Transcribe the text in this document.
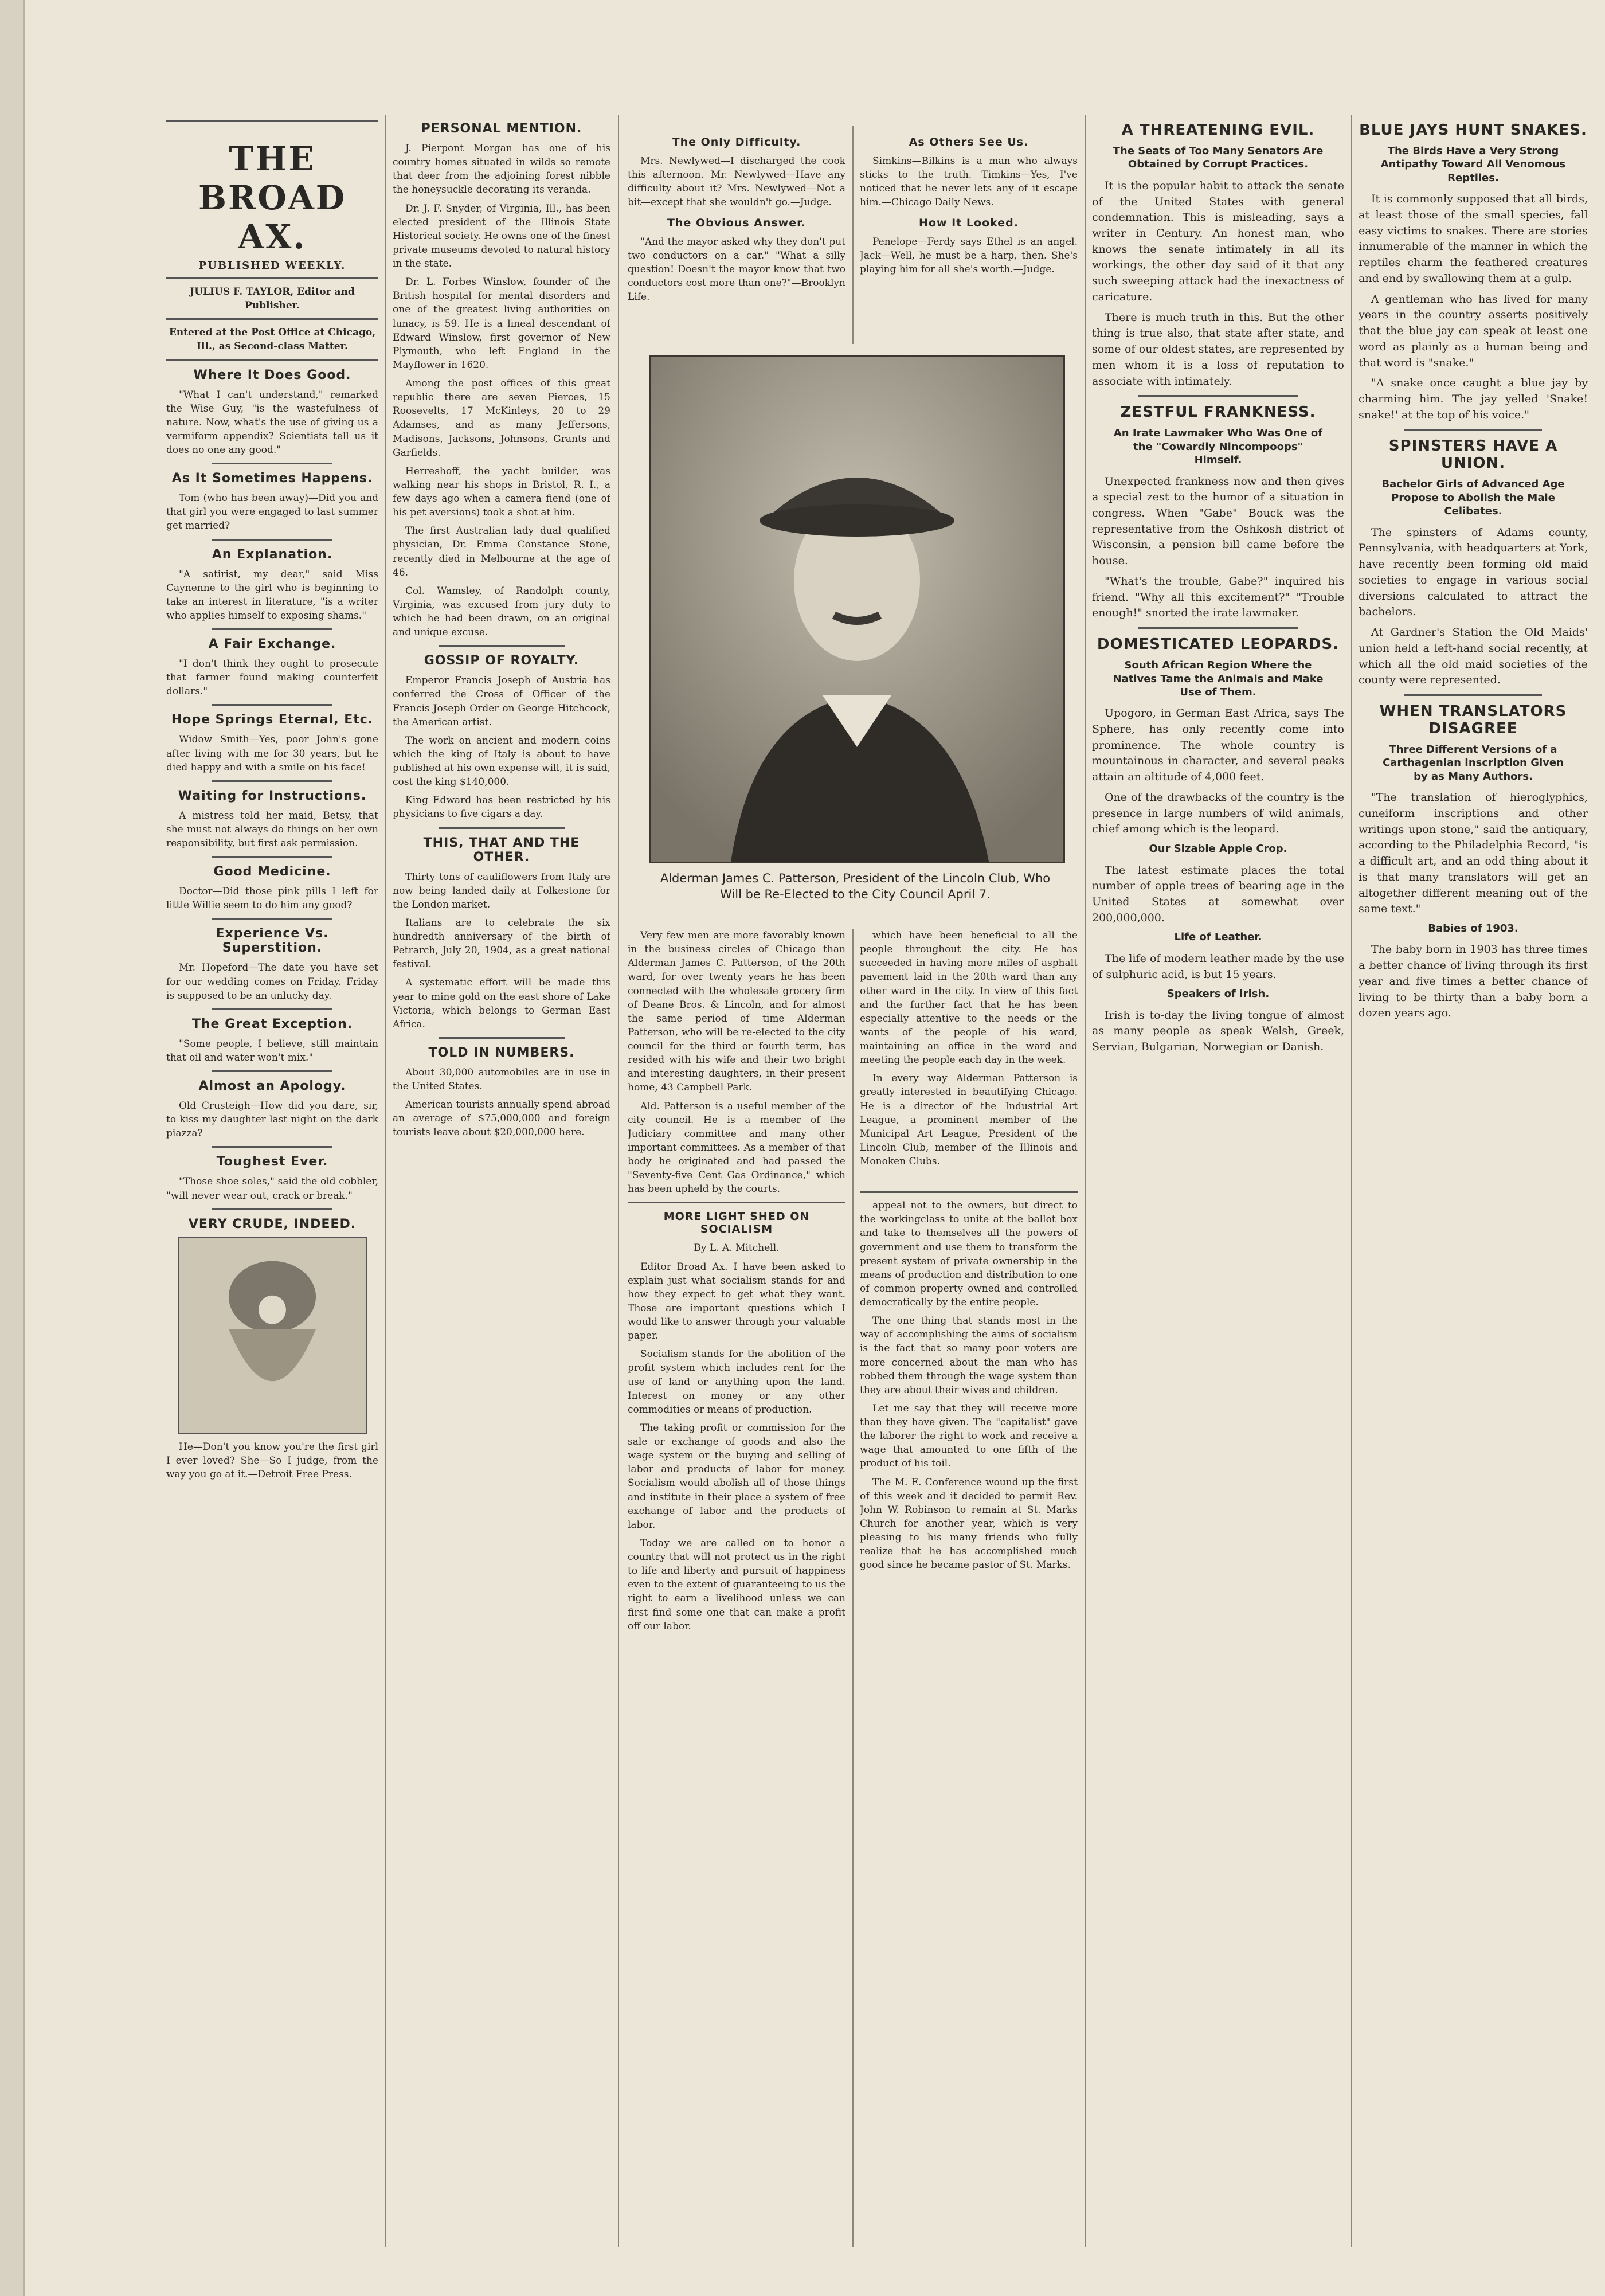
THE BROAD AX.
PUBLISHED WEEKLY.

JULIUS F. TAYLOR, Editor and Publisher.

Entered at the Post Office at Chicago, Ill., as Second-class Matter.

Where It Does Good.

"What I can't understand," remarked the Wise Guy, "is the wastefulness of nature. Now, what's the use of giving us a vermiform appendix? Scientists tell us it does no one any good."

As It Sometimes Happens.

Tom (who has been away)—Did you and that girl you were engaged to last summer get married?

An Explanation.

"A satirist, my dear," said Miss Caynenne to the girl who is beginning to take an interest in literature, "is a writer who applies himself to exposing shams."

A Fair Exchange.

"I don't think they ought to prosecute that farmer found making counterfeit dollars."

Hope Springs Eternal, Etc.

Widow Smith—Yes, poor John's gone after living with me for 30 years, but he died happy and with a smile on his face!

Waiting for Instructions.

A mistress told her maid, Betsy, that she must not always do things on her own responsibility, but first ask permission.

Good Medicine.

Doctor—Did those pink pills I left for little Willie seem to do him any good?

Experience Vs. Superstition.

Mr. Hopeford—The date you have set for our wedding comes on Friday. Friday is supposed to be an unlucky day.

The Great Exception.

"Some people, I believe, still maintain that oil and water won't mix."

Almost an Apology.

Old Crusteigh—How did you dare, sir, to kiss my daughter last night on the dark piazza?

Toughest Ever.

"Those shoe soles," said the old cobbler, "will never wear out, crack or break."

VERY CRUDE, INDEED.

He—Don't you know you're the first girl I ever loved? She—So I judge, from the way you go at it.—Detroit Free Press.

PERSONAL MENTION.

J. Pierpont Morgan has one of his country homes situated in wilds so remote that deer from the adjoining forest nibble the honeysuckle decorating its veranda.

Dr. J. F. Snyder, of Virginia, Ill., has been elected president of the Illinois State Historical society. He owns one of the finest private museums devoted to natural history in the state.

Dr. L. Forbes Winslow, founder of the British hospital for mental disorders and one of the greatest living authorities on lunacy, is 59. He is a lineal descendant of Edward Winslow, first governor of New Plymouth, who left England in the Mayflower in 1620.

Among the post offices of this great republic there are seven Pierces, 15 Roosevelts, 17 McKinleys, 20 to 29 Adamses, and as many Jeffersons, Madisons, Jacksons, Johnsons, Grants and Garfields.

Herreshoff, the yacht builder, was walking near his shops in Bristol, R. I., a few days ago when a camera fiend (one of his pet aversions) took a shot at him.

The first Australian lady dual qualified physician, Dr. Emma Constance Stone, recently died in Melbourne at the age of 46.

Col. Wamsley, of Randolph county, Virginia, was excused from jury duty to which he had been drawn, on an original and unique excuse.

GOSSIP OF ROYALTY.

Emperor Francis Joseph of Austria has conferred the Cross of Officer of the Francis Joseph Order on George Hitchcock, the American artist.

The work on ancient and modern coins which the king of Italy is about to have published at his own expense will, it is said, cost the king $140,000.

King Edward has been restricted by his physicians to five cigars a day.

THIS, THAT AND THE OTHER.

Thirty tons of cauliflowers from Italy are now being landed daily at Folkestone for the London market.

Italians are to celebrate the six hundredth anniversary of the birth of Petrarch, July 20, 1904, as a great national festival.

A systematic effort will be made this year to mine gold on the east shore of Lake Victoria, which belongs to German East Africa.

TOLD IN NUMBERS.

About 30,000 automobiles are in use in the United States.

American tourists annually spend abroad an average of $75,000,000 and foreign tourists leave about $20,000,000 here.

The Only Difficulty.

Mrs. Newlywed—I discharged the cook this afternoon. Mr. Newlywed—Have any difficulty about it? Mrs. Newlywed—Not a bit—except that she wouldn't go.—Judge.

The Obvious Answer.

"And the mayor asked why they don't put two conductors on a car." "What a silly question! Doesn't the mayor know that two conductors cost more than one?"—Brooklyn Life.

As Others See Us.

Simkins—Bilkins is a man who always sticks to the truth. Timkins—Yes, I've noticed that he never lets any of it escape him.—Chicago Daily News.

How It Looked.

Penelope—Ferdy says Ethel is an angel. Jack—Well, he must be a harp, then. She's playing him for all she's worth.—Judge.

Alderman James C. Patterson, President of the Lincoln Club, Who Will be Re-Elected to the City Council April 7.

Very few men are more favorably known in the business circles of Chicago than Alderman James C. Patterson, of the 20th ward, for over twenty years he has been connected with the wholesale grocery firm of Deane Bros. & Lincoln, and for almost the same period of time Alderman Patterson, who will be re-elected to the city council for the third or fourth term, has resided with his wife and their two bright and interesting daughters, in their present home, 43 Campbell Park.

Ald. Patterson is a useful member of the city council. He is a member of the Judiciary committee and many other important committees. As a member of that body he originated and had passed the "Seventy-five Cent Gas Ordinance," which has been upheld by the courts.

MORE LIGHT SHED ON SOCIALISM

By L. A. Mitchell.

Editor Broad Ax. I have been asked to explain just what socialism stands for and how they expect to get what they want. Those are important questions which I would like to answer through your valuable paper.

Socialism stands for the abolition of the profit system which includes rent for the use of land or anything upon the land. Interest on money or any other commodities or means of production.

The taking profit or commission for the sale or exchange of goods and also the wage system or the buying and selling of labor and products of labor for money. Socialism would abolish all of those things and institute in their place a system of free exchange of labor and the products of labor.

Today we are called on to honor a country that will not protect us in the right to life and liberty and pursuit of happiness even to the extent of guaranteeing to us the right to earn a livelihood unless we can first find some one that can make a profit off our labor.

which have been beneficial to all the people throughout the city. He has succeeded in having more miles of asphalt pavement laid in the 20th ward than any other ward in the city. In view of this fact and the further fact that he has been especially attentive to the needs or the wants of the people of his ward, maintaining an office in the ward and meeting the people each day in the week.

In every way Alderman Patterson is greatly interested in beautifying Chicago. He is a director of the Industrial Art League, a prominent member of the Municipal Art League, President of the Lincoln Club, member of the Illinois and Monoken Clubs.

appeal not to the owners, but direct to the workingclass to unite at the ballot box and take to themselves all the powers of government and use them to transform the present system of private ownership in the means of production and distribution to one of common property owned and controlled democratically by the entire people.

The one thing that stands most in the way of accomplishing the aims of socialism is the fact that so many poor voters are more concerned about the man who has robbed them through the wage system than they are about their wives and children.

Let me say that they will receive more than they have given. The "capitalist" gave the laborer the right to work and receive a wage that amounted to one fifth of the product of his toil.

The M. E. Conference wound up the first of this week and it decided to permit Rev. John W. Robinson to remain at St. Marks Church for another year, which is very pleasing to his many friends who fully realize that he has accomplished much good since he became pastor of St. Marks.

A THREATENING EVIL.
The Seats of Too Many Senators Are Obtained by Corrupt Practices.

It is the popular habit to attack the senate of the United States with general condemnation. This is misleading, says a writer in Century. An honest man, who knows the senate intimately in all its workings, the other day said of it that any such sweeping attack had the inexactness of caricature.

There is much truth in this. But the other thing is true also, that state after state, and some of our oldest states, are represented by men whom it is a loss of reputation to associate with intimately.

ZESTFUL FRANKNESS.
An Irate Lawmaker Who Was One of the "Cowardly Nincompoops" Himself.

Unexpected frankness now and then gives a special zest to the humor of a situation in congress. When "Gabe" Bouck was the representative from the Oshkosh district of Wisconsin, a pension bill came before the house.

"What's the trouble, Gabe?" inquired his friend. "Why all this excitement?" "Trouble enough!" snorted the irate lawmaker.

DOMESTICATED LEOPARDS.
South African Region Where the Natives Tame the Animals and Make Use of Them.

Upogoro, in German East Africa, says The Sphere, has only recently come into prominence. The whole country is mountainous in character, and several peaks attain an altitude of 4,000 feet.

One of the drawbacks of the country is the presence in large numbers of wild animals, chief among which is the leopard.

Our Sizable Apple Crop.

The latest estimate places the total number of apple trees of bearing age in the United States at somewhat over 200,000,000.

Life of Leather.

The life of modern leather made by the use of sulphuric acid, is but 15 years.

Speakers of Irish.

Irish is to-day the living tongue of almost as many people as speak Welsh, Greek, Servian, Bulgarian, Norwegian or Danish.

BLUE JAYS HUNT SNAKES.
The Birds Have a Very Strong Antipathy Toward All Venomous Reptiles.

It is commonly supposed that all birds, at least those of the small species, fall easy victims to snakes. There are stories innumerable of the manner in which the reptiles charm the feathered creatures and end by swallowing them at a gulp.

A gentleman who has lived for many years in the country asserts positively that the blue jay can speak at least one word as plainly as a human being and that word is "snake."

"A snake once caught a blue jay by charming him. The jay yelled 'Snake! snake!' at the top of his voice."

SPINSTERS HAVE A UNION.
Bachelor Girls of Advanced Age Propose to Abolish the Male Celibates.

The spinsters of Adams county, Pennsylvania, with headquarters at York, have recently been forming old maid societies to engage in various social diversions calculated to attract the bachelors.

At Gardner's Station the Old Maids' union held a left-hand social recently, at which all the old maid societies of the county were represented.

WHEN TRANSLATORS DISAGREE
Three Different Versions of a Carthagenian Inscription Given by as Many Authors.

"The translation of hieroglyphics, cuneiform inscriptions and other writings upon stone," said the antiquary, according to the Philadelphia Record, "is a difficult art, and an odd thing about it is that many translators will get an altogether different meaning out of the same text."

Babies of 1903.

The baby born in 1903 has three times a better chance of living through its first year and five times a better chance of living to be thirty than a baby born a dozen years ago.
